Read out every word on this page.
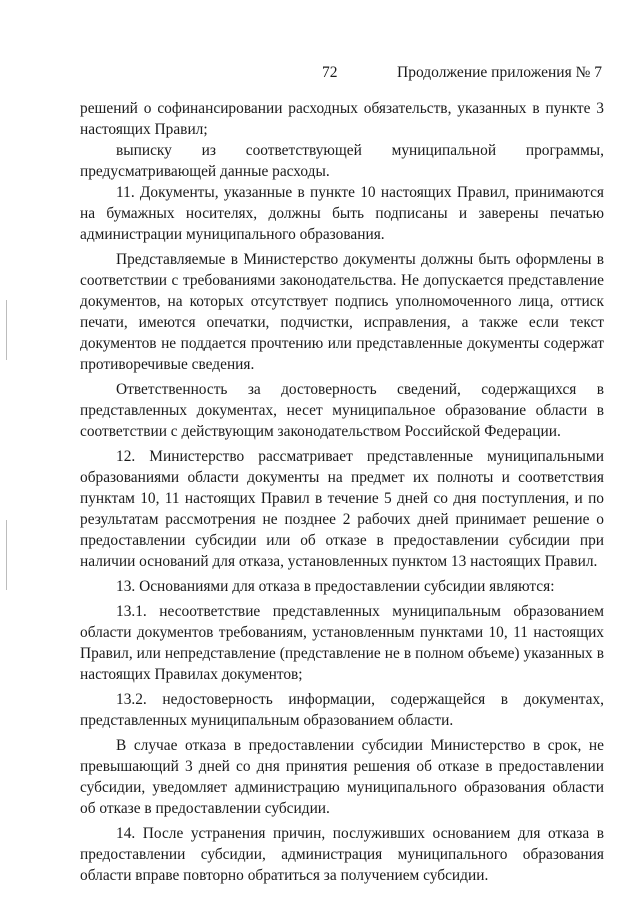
72	Продолжение приложения № 7

решений о софинансировании расходных обязательств, указанных в пункте 3 настоящих Правил;

выписку из соответствующей муниципальной программы, предусматривающей данные расходы.

11. Документы, указанные в пункте 10 настоящих Правил, принимаются на бумажных носителях, должны быть подписаны и заверены печатью администрации муниципального образования.

Представляемые в Министерство документы должны быть оформлены в соответствии с требованиями законодательства. Не допускается представление документов, на которых отсутствует подпись уполномоченного лица, оттиск печати, имеются опечатки, подчистки, исправления, а также если текст документов не поддается прочтению или представленные документы содержат противоречивые сведения.

Ответственность за достоверность сведений, содержащихся в представленных документах, несет муниципальное образование области в соответствии с действующим законодательством Российской Федерации.

12. Министерство рассматривает представленные муниципальными образованиями области документы на предмет их полноты и соответствия пунктам 10, 11 настоящих Правил в течение 5 дней со дня поступления, и по результатам рассмотрения не позднее 2 рабочих дней принимает решение о предоставлении субсидии или об отказе в предоставлении субсидии при наличии оснований для отказа, установленных пунктом 13 настоящих Правил.

13. Основаниями для отказа в предоставлении субсидии являются:

13.1. несоответствие представленных муниципальным образованием области документов требованиям, установленным пунктами 10, 11 настоящих Правил, или непредставление (представление не в полном объеме) указанных в настоящих Правилах документов;

13.2. недостоверность информации, содержащейся в документах, представленных муниципальным образованием области.

В случае отказа в предоставлении субсидии Министерство в срок, не превышающий 3 дней со дня принятия решения об отказе в предоставлении субсидии, уведомляет администрацию муниципального образования области об отказе в предоставлении субсидии.

14. После устранения причин, послуживших основанием для отказа в предоставлении субсидии, администрация муниципального образования области вправе повторно обратиться за получением субсидии.
